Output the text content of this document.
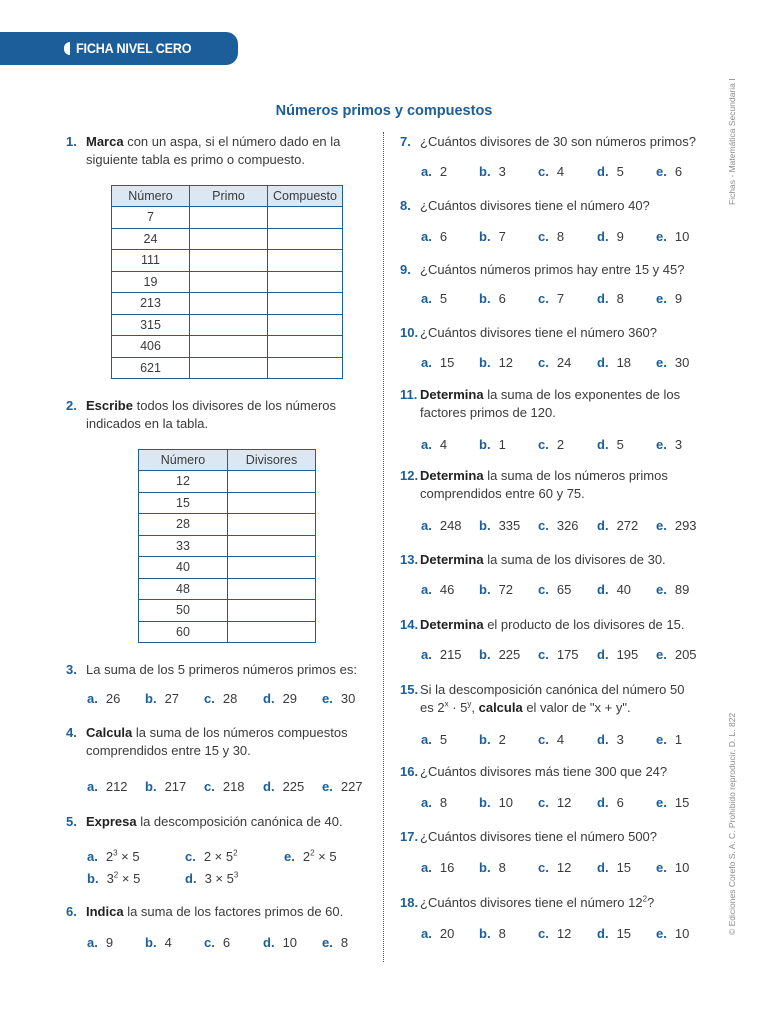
FICHA NIVEL CERO
Fichas - Matemática Secundaria I
© Ediciones Corefo S. A. C. Prohibido reproducir. D. L. 822
Números primos y compuestos
1. Marca con un aspa, si el número dado en la siguiente tabla es primo o compuesto.
Número	Primo	Compuesto
7		
24		
111		
19		
213		
315		
406		
621		
2. Escribe todos los divisores de los números indicados en la tabla.
Número	Divisores
12	
15	
28	
33	
40	
48	
50	
60	
3. La suma de los 5 primeros números primos es:
a. 26 b. 27 c. 28 d. 29 e. 30
4. Calcula la suma de los números compuestos comprendidos entre 15 y 30.
a. 212 b. 217 c. 218 d. 225 e. 227
5. Expresa la descomposición canónica de 40.
a. $2^3 \times 5$	c. $2 \times 5^2$	e. $2^2 \times 5$
b. $3^2 \times 5$	d. $3 \times 5^3$
6. Indica la suma de los factores primos de 60.
a. 9 b. 4 c. 6	d. 10 e. 8
7. ¿Cuántos divisores de 30 son números primos?
a. 2 b. 3 c. 4	d. 5 e. 6
8. ¿Cuántos divisores tiene el número 40?
a. 6 b. 7 c. 8	d. 9 e. 10
9. ¿Cuántos números primos hay entre 15 y 45?
a. 5 b. 6 c. 7	d. 8 e. 9
10. ¿Cuántos divisores tiene el número 360?
a. 15 b. 12 c. 24 d. 18 e. 30
11. Determina la suma de los exponentes de los factores primos de 120.
a. 4 b. 1 c. 2	d. 5 e. 3
12. Determina la suma de los números primos comprendidos entre 60 y 75.
a. 248 b. 335 c. 326 d. 272 e. 293
13. Determina la suma de los divisores de 30.
a. 46 b. 72 c. 65 d. 40 e. 89
14. Determina el producto de los divisores de 15.
a. 215 b. 225 c. 175 d. 195 e. 205
15. Si la descomposición canónica del número 50
es $2^x \cdot 5^y$, calcula el valor de "x + y".
a. 5 b. 2 c. 4	d. 3 e. 1
16. ¿Cuántos divisores más tiene 300 que 24?
a. 8 b. 10 c. 12 d. 6 e. 15
17. ¿Cuántos divisores tiene el número 500?
a. 16 b. 8 c. 12 d. 15 e. 10
18. ¿Cuántos divisores tiene el número $12^2$?
a. 20 b. 8 c. 12 d. 15 e. 10
